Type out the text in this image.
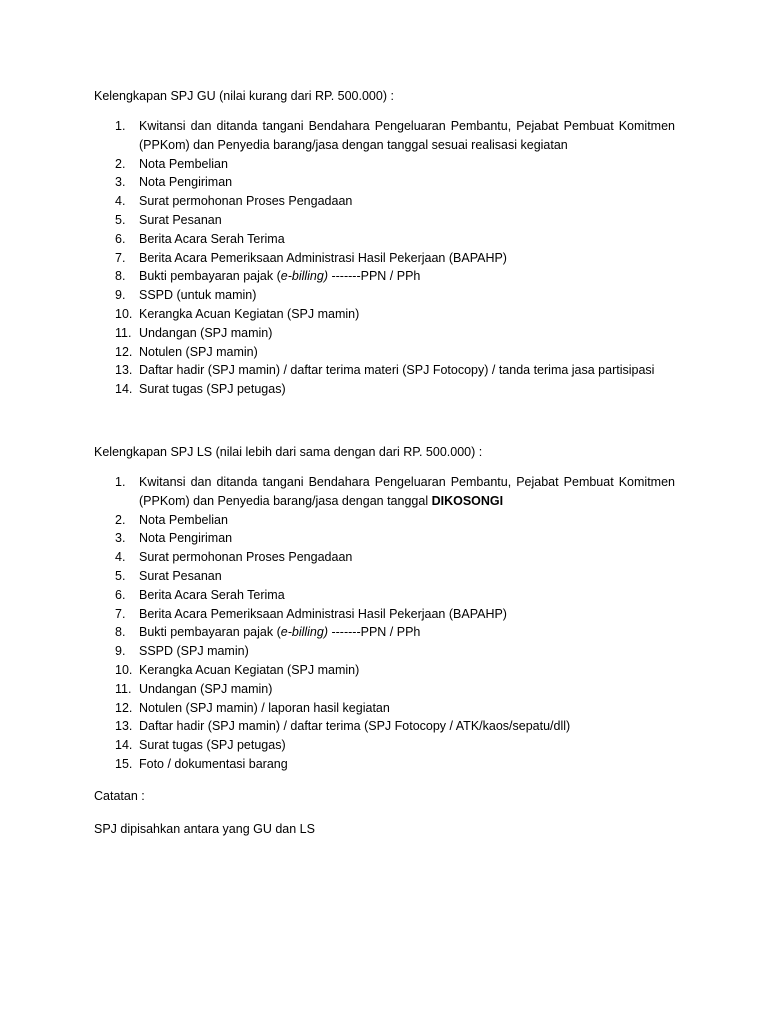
Kelengkapan SPJ GU (nilai kurang dari RP. 500.000) :
1.	Kwitansi dan ditanda tangani Bendahara Pengeluaran Pembantu, Pejabat Pembuat Komitmen (PPKom) dan Penyedia barang/jasa dengan tanggal sesuai realisasi kegiatan
2.	Nota Pembelian
3.	Nota Pengiriman
4.	Surat permohonan Proses Pengadaan
5.	Surat Pesanan
6.	Berita Acara Serah Terima
7.	Berita Acara Pemeriksaan Administrasi Hasil Pekerjaan (BAPAHP)
8.	Bukti pembayaran pajak (e-billing) -------PPN / PPh
9.	SSPD (untuk mamin)
10. Kerangka Acuan Kegiatan (SPJ mamin)
11. Undangan (SPJ mamin)
12. Notulen (SPJ mamin)
13. Daftar hadir (SPJ mamin) / daftar terima materi (SPJ Fotocopy) / tanda terima jasa partisipasi
14. Surat tugas (SPJ petugas)
Kelengkapan SPJ LS (nilai lebih dari sama dengan dari RP. 500.000) :
1.	Kwitansi dan ditanda tangani Bendahara Pengeluaran Pembantu, Pejabat Pembuat Komitmen (PPKom) dan Penyedia barang/jasa dengan tanggal DIKOSONGI
2.	Nota Pembelian
3.	Nota Pengiriman
4.	Surat permohonan Proses Pengadaan
5.	Surat Pesanan
6.	Berita Acara Serah Terima
7.	Berita Acara Pemeriksaan Administrasi Hasil Pekerjaan (BAPAHP)
8.	Bukti pembayaran pajak (e-billing) -------PPN / PPh
9.	SSPD (SPJ mamin)
10. Kerangka Acuan Kegiatan (SPJ mamin)
11. Undangan (SPJ mamin)
12. Notulen (SPJ mamin) / laporan hasil kegiatan
13. Daftar hadir (SPJ mamin) / daftar terima (SPJ Fotocopy / ATK/kaos/sepatu/dll)
14. Surat tugas (SPJ petugas)
15. Foto / dokumentasi barang
Catatan :
SPJ dipisahkan antara yang GU dan LS
